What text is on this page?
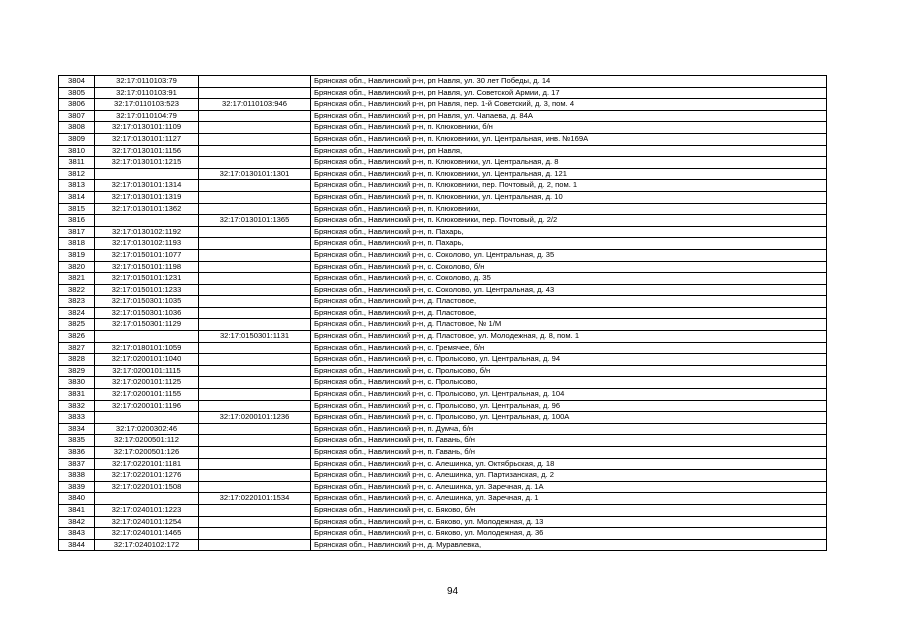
3804	32:17:0110103:79		Брянская обл., Навлинский р-н, рп Навля, ул. 30 лет Победы, д. 14
3805	32:17:0110103:91		Брянская обл., Навлинский р-н, рп Навля, ул. Советской Армии, д. 17
3806	32:17:0110103:523	32:17:0110103:946	Брянская обл., Навлинский р-н, рп Навля, пер. 1-й Советский, д. 3, пом. 4
3807	32:17:0110104:79		Брянская обл., Навлинский р-н, рп Навля, ул. Чапаева, д. 84А
3808	32:17:0130101:1109		Брянская обл., Навлинский р-н, п. Клюковники, б/н
3809	32:17:0130101:1127		Брянская обл., Навлинский р-н, п. Клюковники, ул. Центральная, инв. №169А
3810	32:17:0130101:1156		Брянская обл., Навлинский р-н, рп Навля,
3811	32:17:0130101:1215		Брянская обл., Навлинский р-н, п. Клюковники, ул. Центральная, д. 8
3812		32:17:0130101:1301	Брянская обл., Навлинский р-н, п. Клюковники, ул. Центральная, д. 121
3813	32:17:0130101:1314		Брянская обл., Навлинский р-н, п. Клюковники, пер. Почтовый, д. 2, пом. 1
3814	32:17:0130101:1319		Брянская обл., Навлинский р-н, п. Клюковники, ул. Центральная, д. 10
3815	32:17:0130101:1362		Брянская обл., Навлинский р-н, п. Клюковники,
3816		32:17:0130101:1365	Брянская обл., Навлинский р-н, п. Клюковники, пер. Почтовый, д. 2/2
3817	32:17:0130102:1192		Брянская обл., Навлинский р-н, п. Пахарь,
3818	32:17:0130102:1193		Брянская обл., Навлинский р-н, п. Пахарь,
3819	32:17:0150101:1077		Брянская обл., Навлинский р-н, с. Соколово, ул. Центральная, д. 35
3820	32:17:0150101:1198		Брянская обл., Навлинский р-н, с. Соколово, б/н
3821	32:17:0150101:1231		Брянская обл., Навлинский р-н, с. Соколово, д. 35
3822	32:17:0150101:1233		Брянская обл., Навлинский р-н, с. Соколово, ул. Центральная, д. 43
3823	32:17:0150301:1035		Брянская обл., Навлинский р-н, д. Пластовое,
3824	32:17:0150301:1036		Брянская обл., Навлинский р-н, д. Пластовое,
3825	32:17:0150301:1129		Брянская обл., Навлинский р-н, д. Пластовое, № 1/М
3826		32:17:0150301:1131	Брянская обл., Навлинский р-н, д. Пластовое, ул. Молодежная, д. 8, пом. 1
3827	32:17:0180101:1059		Брянская обл., Навлинский р-н, с. Гремячее, б/н
3828	32:17:0200101:1040		Брянская обл., Навлинский р-н, с. Пролысово, ул. Центральная, д. 94
3829	32:17:0200101:1115		Брянская обл., Навлинский р-н, с. Пролысово, б/н
3830	32:17:0200101:1125		Брянская обл., Навлинский р-н, с. Пролысово,
3831	32:17:0200101:1155		Брянская обл., Навлинский р-н, с. Пролысово, ул. Центральная, д. 104
3832	32:17:0200101:1196		Брянская обл., Навлинский р-н, с. Пролысово, ул. Центральная, д. 96
3833		32:17:0200101:1236	Брянская обл., Навлинский р-н, с. Пролысово, ул. Центральная, д. 100А
3834	32:17:0200302:46		Брянская обл., Навлинский р-н, п. Думча, б/н
3835	32:17:0200501:112		Брянская обл., Навлинский р-н, п. Гавань, б/н
3836	32:17:0200501:126		Брянская обл., Навлинский р-н, п. Гавань, б/н
3837	32:17:0220101:1181		Брянская обл., Навлинский р-н, с. Алешинка, ул. Октябрьская, д. 18
3838	32:17:0220101:1276		Брянская обл., Навлинский р-н, с. Алешинка, ул. Партизанская, д. 2
3839	32:17:0220101:1508		Брянская обл., Навлинский р-н, с. Алешинка, ул. Заречная, д. 1А
3840		32:17:0220101:1534	Брянская обл., Навлинский р-н, с. Алешинка, ул. Заречная, д. 1
3841	32:17:0240101:1223		Брянская обл., Навлинский р-н, с. Бяково, б/н
3842	32:17:0240101:1254		Брянская обл., Навлинский р-н, с. Бяково, ул. Молодежная, д. 13
3843	32:17:0240101:1465		Брянская обл., Навлинский р-н, с. Бяково, ул. Молодежная, д. 36
3844	32:17:0240102:172		Брянская обл., Навлинский р-н, д. Муравлевка,
94
